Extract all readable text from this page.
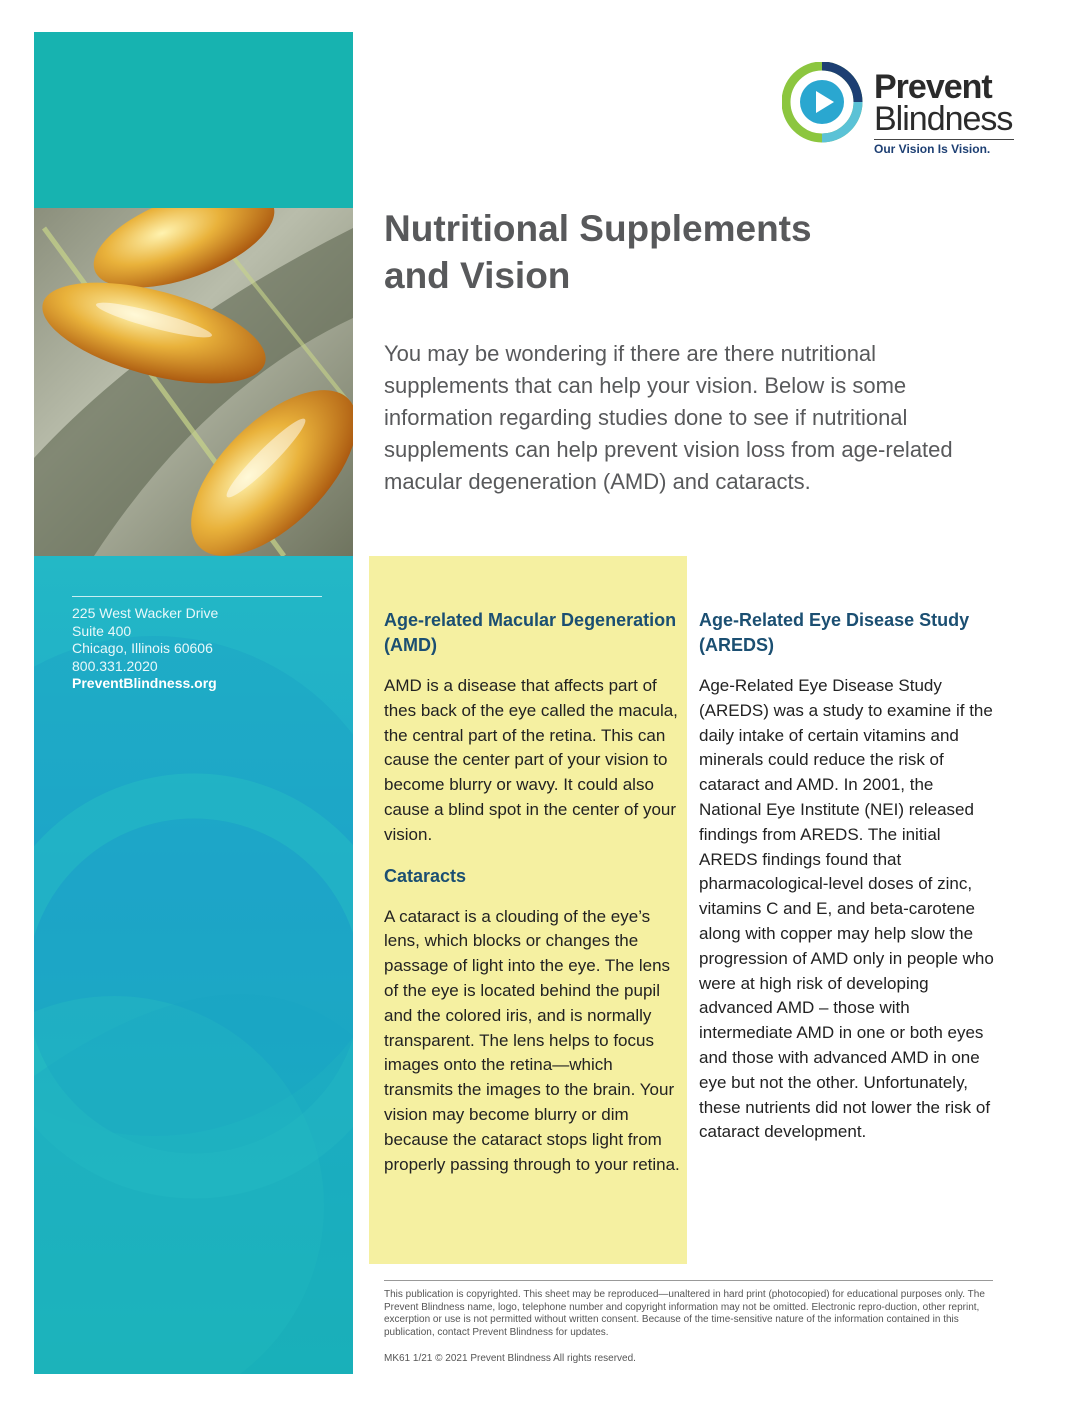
225 West Wacker Drive
Suite 400
Chicago, Illinois 60606
800.331.2020
PreventBlindness.org
Prevent
Blindness
Our Vision Is Vision.
Nutritional Supplements
and Vision
You may be wondering if there are there nutritional supplements that can help your vision. Below is some information regarding studies done to see if nutritional supplements can help prevent vision loss from age-related macular degeneration (AMD) and cataracts.
Age-related Macular Degeneration (AMD)

AMD is a disease that affects part of thes back of the eye called the macula, the central part of the retina. This can cause the center part of your vision to become blurry or wavy. It could also cause a blind spot in the center of your vision.

Cataracts

A cataract is a clouding of the eye’s lens, which blocks or changes the passage of light into the eye. The lens of the eye is located behind the pupil and the colored iris, and is normally transparent. The lens helps to focus images onto the retina—which transmits the images to the brain. Your vision may become blurry or dim because the cataract stops light from properly passing through to your retina.

Age-Related Eye Disease Study (AREDS)

Age-Related Eye Disease Study (AREDS) was a study to examine if the daily intake of certain vitamins and minerals could reduce the risk of cataract and AMD. In 2001, the National Eye Institute (NEI) released findings from AREDS. The initial AREDS findings found that pharmacological-level doses of zinc, vitamins C and E, and beta-carotene along with copper may help slow the progression of AMD only in people who were at high risk of developing advanced AMD – those with intermediate AMD in one or both eyes and those with advanced AMD in one eye but not the other. Unfortunately, these nutrients did not lower the risk of cataract development.

This publication is copyrighted. This sheet may be reproduced—unaltered in hard print (photocopied) for educational purposes only. The Prevent Blindness name, logo, telephone number and copyright information may not be omitted. Electronic repro-duction, other reprint, excerption or use is not permitted without written consent. Because of the time-sensitive nature of the information contained in this publication, contact Prevent Blindness for updates.
MK61 1/21 © 2021 Prevent Blindness All rights reserved.
